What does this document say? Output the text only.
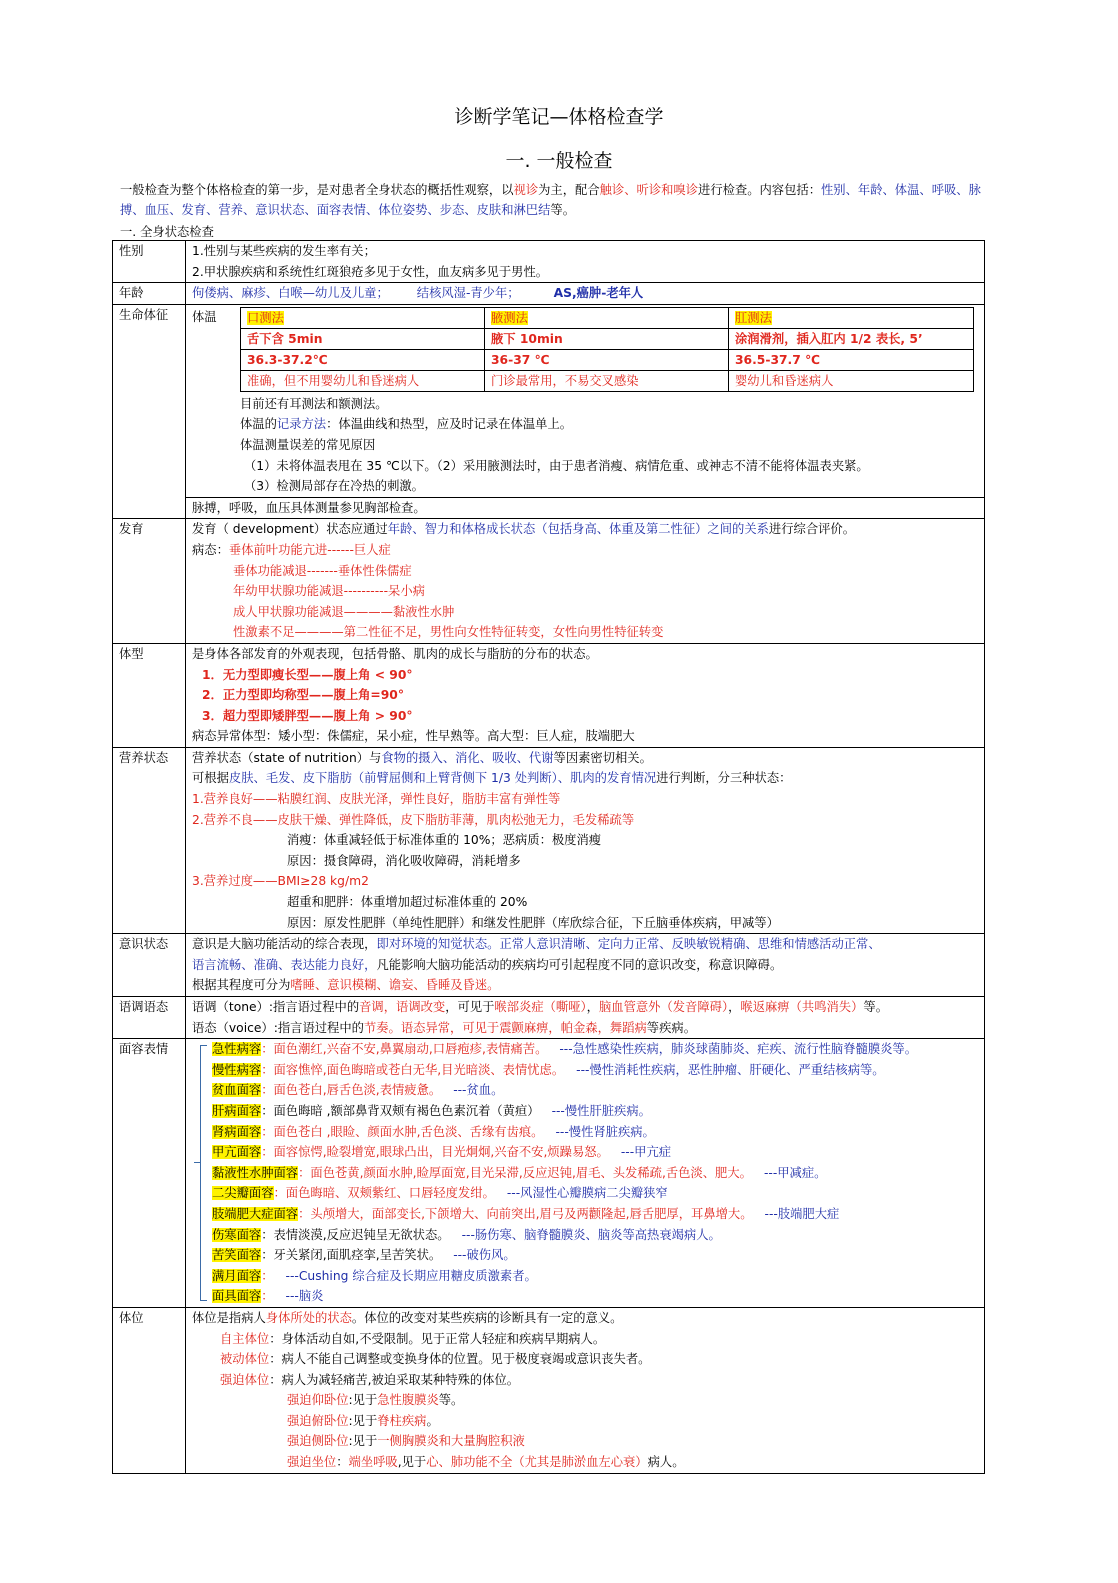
诊断学笔记—体格检查学
一. 一般检查
一般检查为整个体格检查的第一步，是对患者全身状态的概括性观察，以视诊为主，配合触诊、听诊和嗅诊进行检查。内容包括：性别、年龄、体温、呼吸、脉搏、血压、发育、营养、意识状态、面容表情、体位姿势、步态、皮肤和淋巴结等。
一. 全身状态检查
性别	1.性别与某些疾病的发生率有关；
2.甲状腺疾病和系统性红斑狼疮多见于女性，血友病多见于男性。

年龄	佝偻病、麻疹、白喉—幼儿及儿童； 结核风湿-青少年；	AS,癌肿-老年人

生命体征	体温 口测法	腋测法	肛测法
舌下含 5min	腋下 10min	涂润滑剂，插入肛内 1/2 表长, 5’
36.3-37.2℃	36-37 ℃	36.5-37.7 ℃
准确，但不用婴幼儿和昏迷病人	门诊最常用，不易交叉感染	婴幼儿和昏迷病人
目前还有耳测法和额测法。
体温的记录方法：体温曲线和热型，应及时记录在体温单上。
体温测量误差的常见原因
（1）未将体温表甩在 35 ℃以下。（2）采用腋测法时，由于患者消瘦、病情危重、或神志不清不能将体温表夹紧。
（3）检测局部存在冷热的刺激。
脉搏，呼吸，血压具体测量参见胸部检查。

发育	发育（ development）状态应通过年龄、智力和体格成长状态（包括身高、体重及第二性征）之间的关系进行综合评价。
病态：垂体前叶功能亢进------巨人症
垂体功能减退-------垂体性侏儒症
年幼甲状腺功能减退----------呆小病
成人甲状腺功能减退————黏液性水肿
性激素不足————第二性征不足，男性向女性特征转变，女性向男性特征转变

体型	是身体各部发育的外观表现，包括骨骼、肌肉的成长与脂肪的分布的状态。
1．无力型即瘦长型——腹上角 < 90°
2．正力型即均称型——腹上角=90°
3．超力型即矮胖型——腹上角 > 90°
病态异常体型：矮小型：侏儒症，呆小症，性早熟等。高大型：巨人症，肢端肥大

营养状态	营养状态（state of nutrition）与食物的摄入、消化、吸收、代谢等因素密切相关。
可根据皮肤、毛发、皮下脂肪（前臂屈侧和上臂背侧下 1/3 处判断）、肌肉的发育情况进行判断，分三种状态：
1.营养良好——粘膜红润、皮肤光泽，弹性良好，脂肪丰富有弹性等
2.营养不良——皮肤干燥、弹性降低，皮下脂肪菲薄，肌肉松弛无力，毛发稀疏等
消瘦：体重减轻低于标准体重的 10%；恶病质：极度消瘦
原因：摄食障碍，消化吸收障碍，消耗增多
3.营养过度——BMI≥28 kg/m2
超重和肥胖：体重增加超过标准体重的 20%
原因：原发性肥胖（单纯性肥胖）和继发性肥胖（库欣综合征，下丘脑垂体疾病，甲减等）

意识状态	意识是大脑功能活动的综合表现，即对环境的知觉状态。正常人意识清晰、定向力正常、反映敏锐精确、思维和情感活动正常、
语言流畅、准确、表达能力良好，凡能影响大脑功能活动的疾病均可引起程度不同的意识改变，称意识障碍。
根据其程度可分为嗜睡、意识模糊、谵妄、昏睡及昏迷。

语调语态	语调（tone）:指言语过程中的音调，语调改变，可见于喉部炎症（嘶哑），脑血管意外（发音障碍），喉返麻痹（共鸣消失）等。
语态（voice）:指言语过程中的节奏。语态异常，可见于震颤麻痹，帕金森，舞蹈病等疾病。

面容表情	急性病容：面色潮红,兴奋不安,鼻翼扇动,口唇疱疹,表情痛苦。 ---急性感染性疾病，肺炎球菌肺炎、疟疾、流行性脑脊髓膜炎等。
慢性病容：面容憔悴,面色晦暗或苍白无华,目光暗淡、表情忧虑。 ---慢性消耗性疾病，恶性肿瘤、肝硬化、严重结核病等。
贫血面容：面色苍白,唇舌色淡,表情疲惫。 ---贫血。
肝病面容：面色晦暗 ,额部鼻背双颊有褐色色素沉着（黄疸） ---慢性肝脏疾病。
肾病面容：面色苍白 ,眼睑、颜面水肿,舌色淡、舌缘有齿痕。 ---慢性肾脏疾病。
甲亢面容：面容惊愕,睑裂增宽,眼球凸出，目光炯炯,兴奋不安,烦躁易怒。 ---甲亢症
黏液性水肿面容：面色苍黄,颜面水肿,睑厚面宽,目光呆滞,反应迟钝,眉毛、头发稀疏,舌色淡、肥大。 ---甲减症。
二尖瓣面容：面色晦暗、双颊紫红、口唇轻度发绀。 ---风湿性心瓣膜病二尖瓣狭窄
肢端肥大症面容：头颅增大，面部变长,下颌增大、向前突出,眉弓及两颧隆起,唇舌肥厚，耳鼻增大。 ---肢端肥大症
伤寒面容：表情淡漠,反应迟钝呈无欲状态。 ---肠伤寒、脑脊髓膜炎、脑炎等高热衰竭病人。
苦笑面容：牙关紧闭,面肌痉挛,呈苦笑状。 ---破伤风。
满月面容： ---Cushing 综合症及长期应用糖皮质激素者。
面具面容： ---脑炎

体位	体位是指病人身体所处的状态。体位的改变对某些疾病的诊断具有一定的意义。
自主体位：身体活动自如,不受限制。见于正常人轻症和疾病早期病人。
被动体位：病人不能自己调整或变换身体的位置。见于极度衰竭或意识丧失者。
强迫体位：病人为减轻痛苦,被迫采取某种特殊的体位。
强迫仰卧位:见于急性腹膜炎等。
强迫俯卧位:见于脊柱疾病。
强迫侧卧位:见于一侧胸膜炎和大量胸腔积液
强迫坐位：端坐呼吸,见于心、肺功能不全（尤其是肺淤血左心衰）病人。
